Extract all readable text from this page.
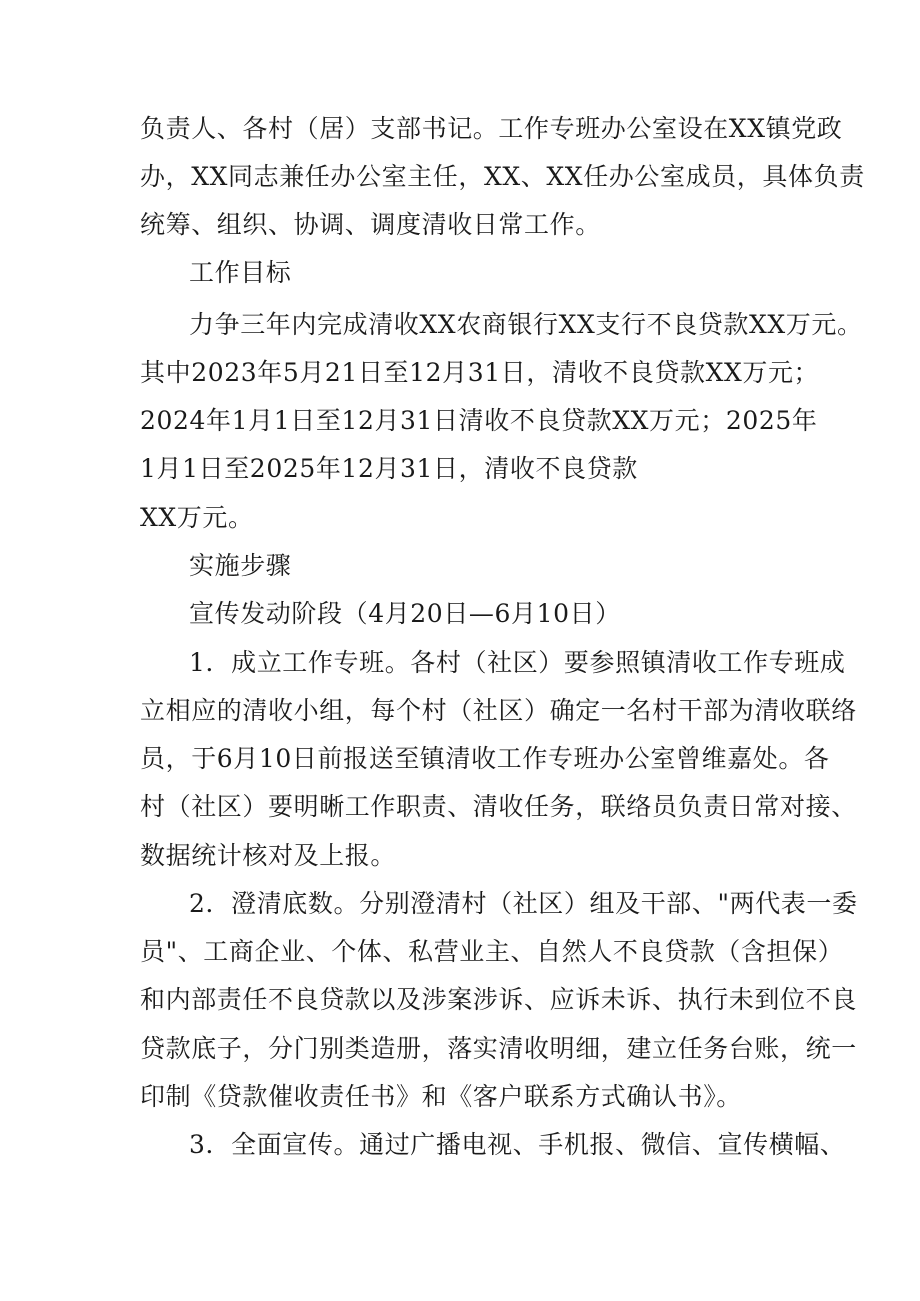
负责人、各村（居）支部书记。工作专班办公室设在XX镇党政
办，XX同志兼任办公室主任，XX、XX任办公室成员，具体负责
统筹、组织、协调、调度清收日常工作。
工作目标
力争三年内完成清收XX农商银行XX支行不良贷款XX万元。
其中2023年5月21日至12月31日，清收不良贷款XX万元；
2024年1月1日至12月31日清收不良贷款XX万元；2025年
1月1日至2025年12月31日，清收不良贷款
XX万元。
实施步骤
宣传发动阶段（4月20日—6月10日）
1．成立工作专班。各村（社区）要参照镇清收工作专班成
立相应的清收小组，每个村（社区）确定一名村干部为清收联络
员，于6月10日前报送至镇清收工作专班办公室曾维嘉处。各
村（社区）要明晰工作职责、清收任务，联络员负责日常对接、
数据统计核对及上报。
2．澄清底数。分别澄清村（社区）组及干部、"两代表一委
员"、工商企业、个体、私营业主、自然人不良贷款（含担保）
和内部责任不良贷款以及涉案涉诉、应诉未诉、执行未到位不良
贷款底子，分门别类造册，落实清收明细，建立任务台账，统一
印制《贷款催收责任书》和《客户联系方式确认书》。
3．全面宣传。通过广播电视、手机报、微信、宣传横幅、
